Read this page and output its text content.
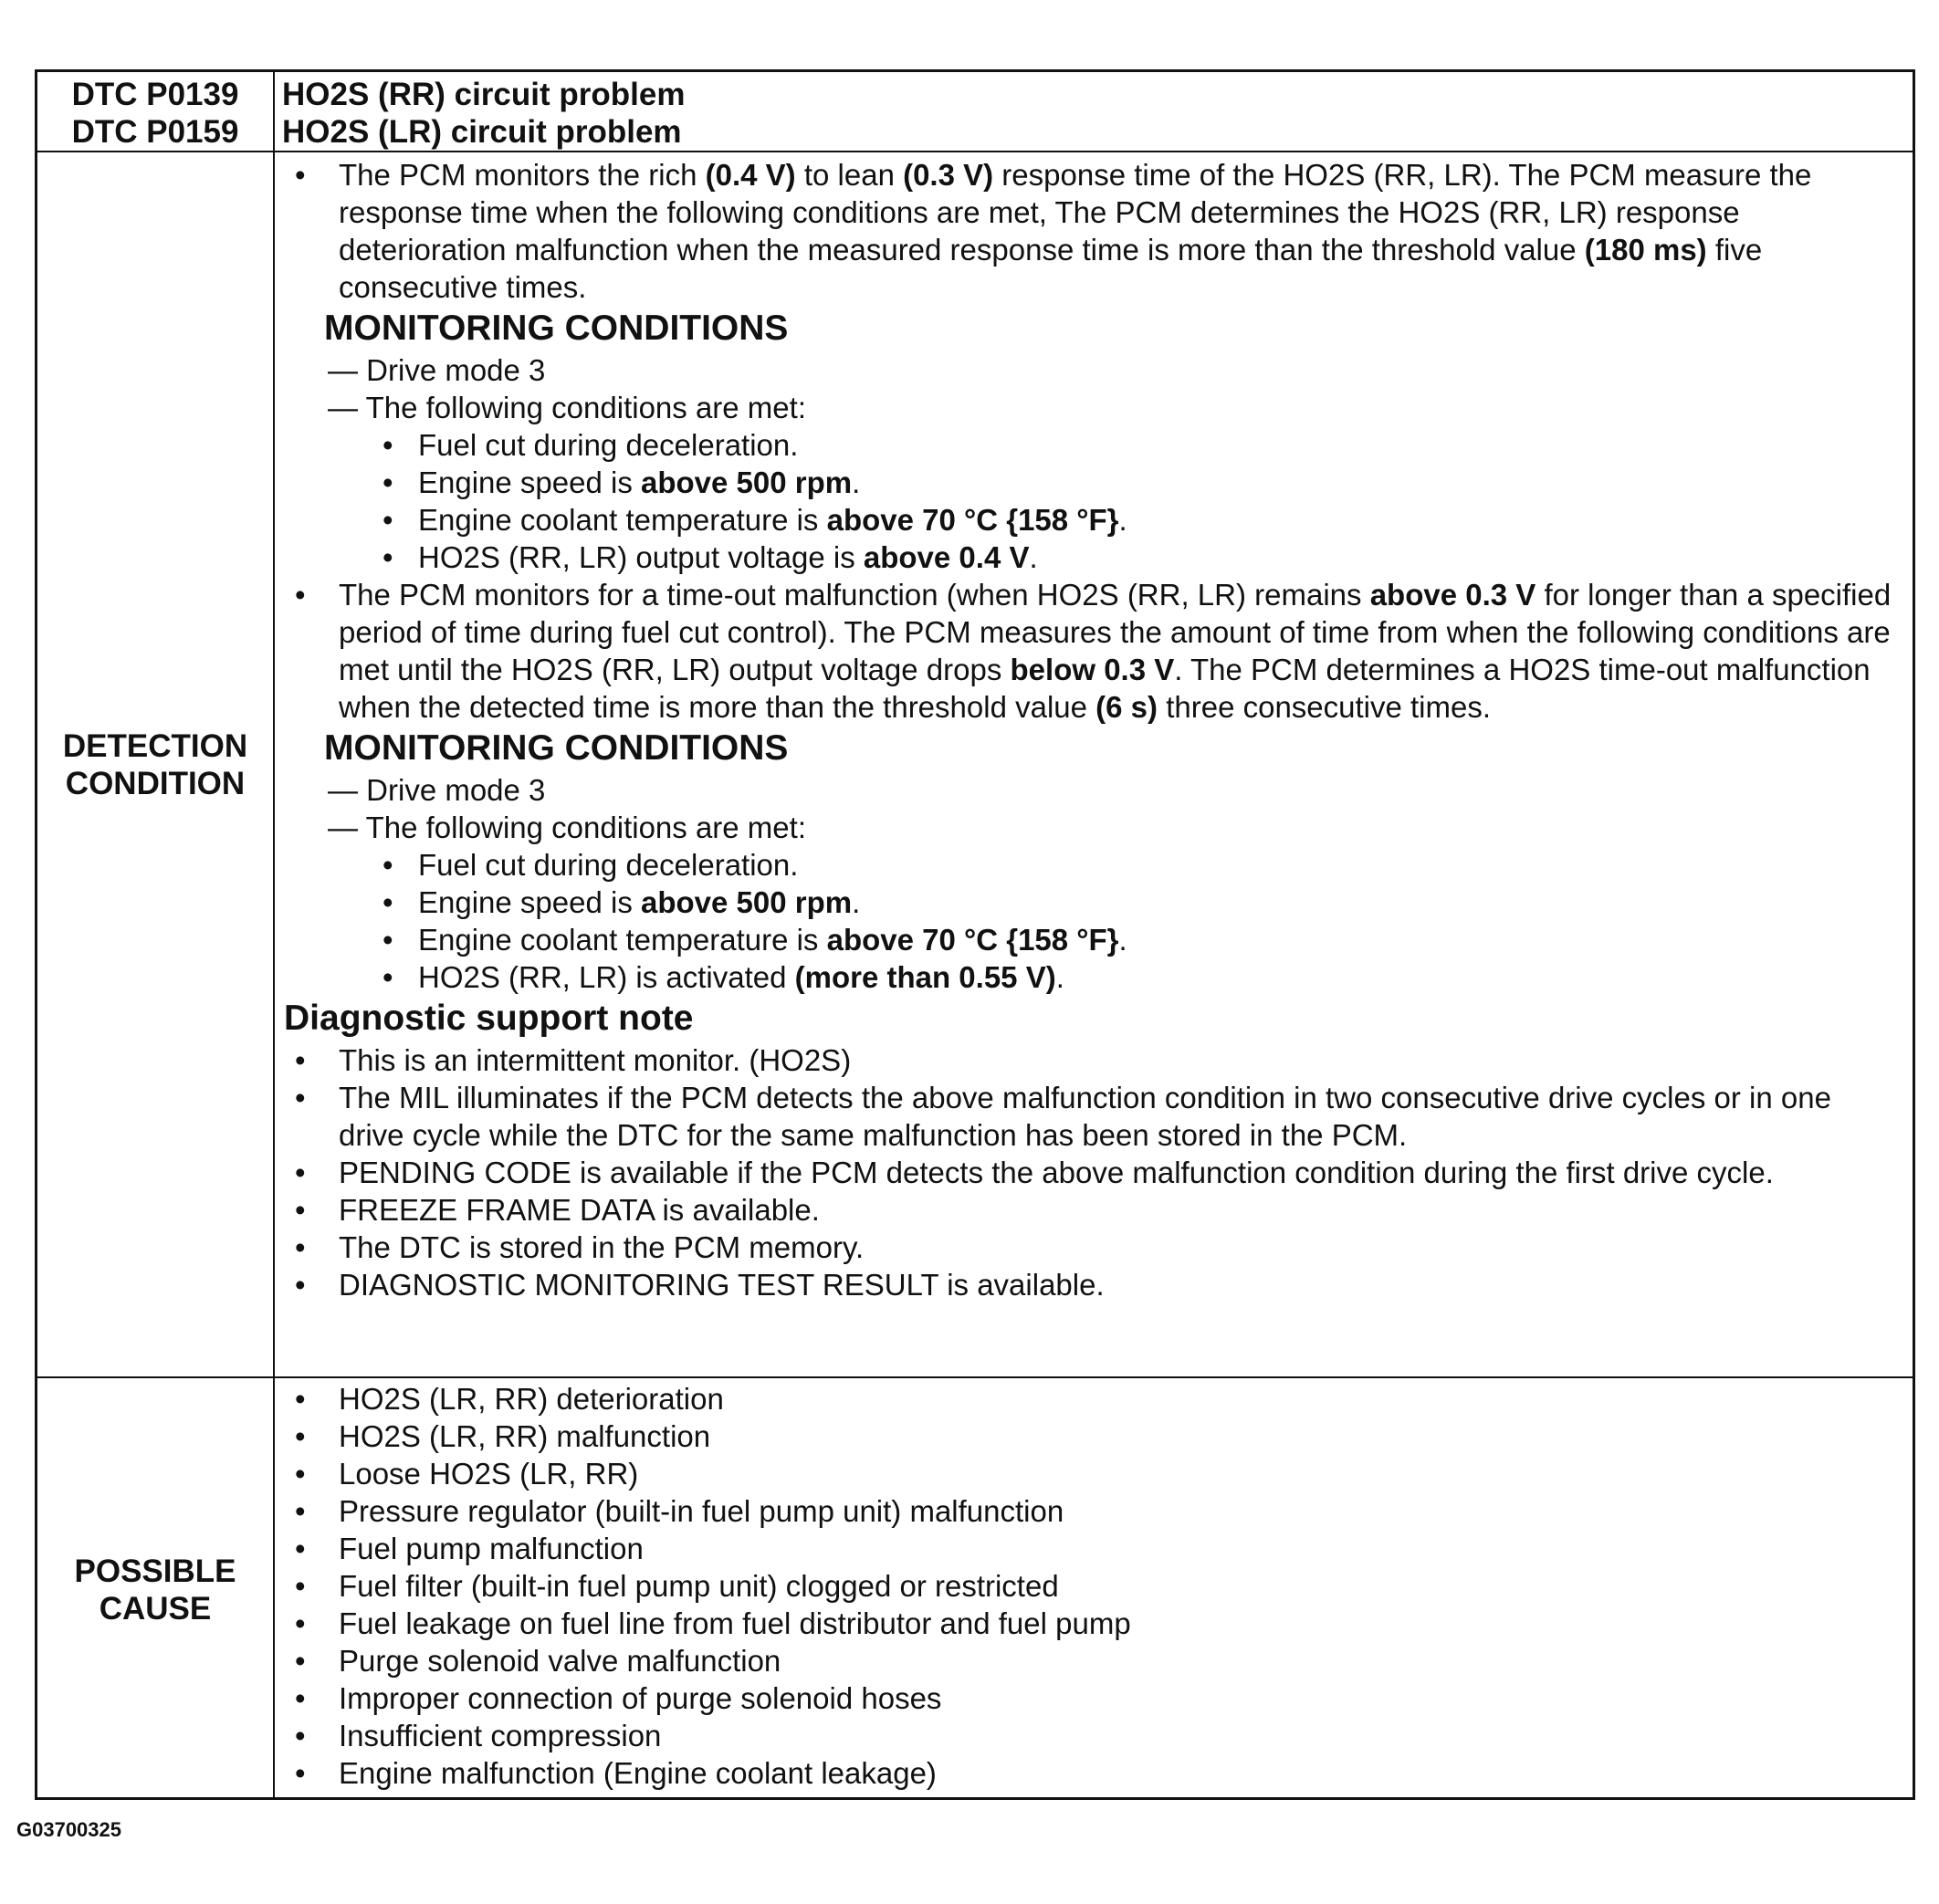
DTC P0139
DTC P0159
HO2S (RR) circuit problem
HO2S (LR) circuit problem
DETECTION
CONDITION
• The PCM monitors the rich (0.4 V) to lean (0.3 V) response time of the HO2S (RR, LR). The PCM measure the response time when the following conditions are met, The PCM determines the HO2S (RR, LR) response deterioration malfunction when the measured response time is more than the threshold value (180 ms) five consecutive times.
MONITORING CONDITIONS
— Drive mode 3
— The following conditions are met:
• Fuel cut during deceleration.
• Engine speed is above 500 rpm.
• Engine coolant temperature is above 70 °C {158 °F}.
• HO2S (RR, LR) output voltage is above 0.4 V.
• The PCM monitors for a time-out malfunction (when HO2S (RR, LR) remains above 0.3 V for longer than a specified period of time during fuel cut control). The PCM measures the amount of time from when the following conditions are met until the HO2S (RR, LR) output voltage drops below 0.3 V. The PCM determines a HO2S time-out malfunction when the detected time is more than the threshold value (6 s) three consecutive times.
MONITORING CONDITIONS
— Drive mode 3
— The following conditions are met:
• Fuel cut during deceleration.
• Engine speed is above 500 rpm.
• Engine coolant temperature is above 70 °C {158 °F}.
• HO2S (RR, LR) is activated (more than 0.55 V).
Diagnostic support note
• This is an intermittent monitor. (HO2S)
• The MIL illuminates if the PCM detects the above malfunction condition in two consecutive drive cycles or in one drive cycle while the DTC for the same malfunction has been stored in the PCM.
• PENDING CODE is available if the PCM detects the above malfunction condition during the first drive cycle.
• FREEZE FRAME DATA is available.
• The DTC is stored in the PCM memory.
• DIAGNOSTIC MONITORING TEST RESULT is available.
POSSIBLE
CAUSE
• HO2S (LR, RR) deterioration
• HO2S (LR, RR) malfunction
• Loose HO2S (LR, RR)
• Pressure regulator (built-in fuel pump unit) malfunction
• Fuel pump malfunction
• Fuel filter (built-in fuel pump unit) clogged or restricted
• Fuel leakage on fuel line from fuel distributor and fuel pump
• Purge solenoid valve malfunction
• Improper connection of purge solenoid hoses
• Insufficient compression
• Engine malfunction (Engine coolant leakage)
G03700325
